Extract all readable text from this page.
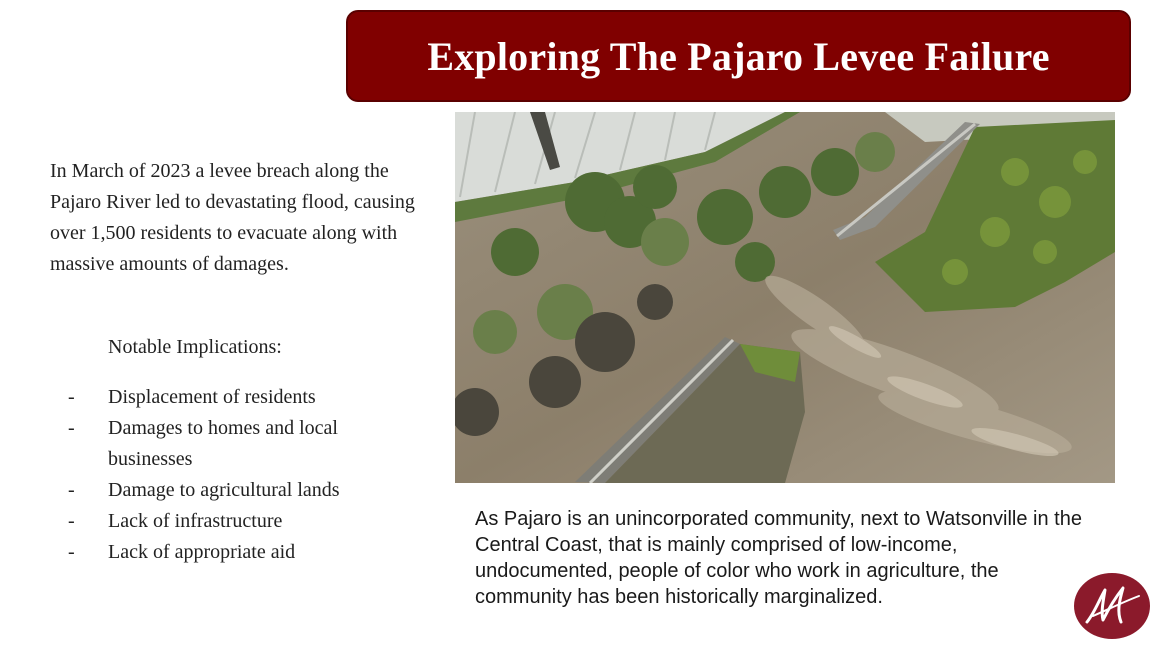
Exploring The Pajaro Levee Failure
In March of 2023 a levee breach along the Pajaro River led to devastating flood, causing over 1,500 residents to evacuate along with massive amounts of damages.
Notable Implications:
-	Displacement of residents
-	Damages to homes and local businesses
-	Damage to agricultural lands
-	Lack of infrastructure
-	Lack of appropriate aid
As Pajaro is an unincorporated community, next to Watsonville in the Central Coast, that is mainly comprised of low-income, undocumented, people of color who work in agriculture, the community has been historically marginalized.
